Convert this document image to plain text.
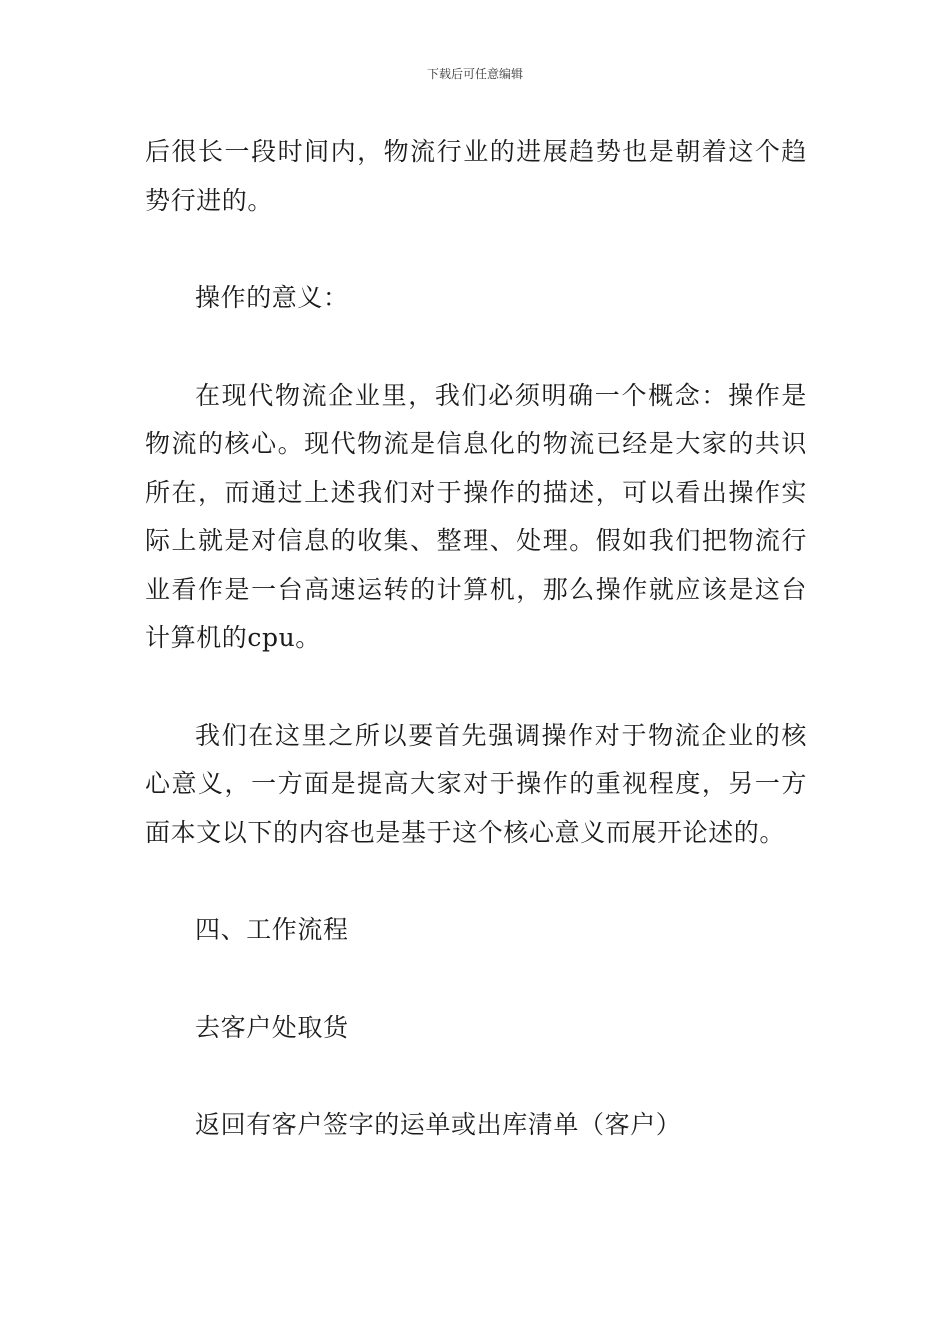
下载后可任意编辑

后很长一段时间内，物流行业的进展趋势也是朝着这个趋势行进的。

操作的意义：

在现代物流企业里，我们必须明确一个概念：操作是物流的核心。现代物流是信息化的物流已经是大家的共识所在，而通过上述我们对于操作的描述，可以看出操作实际上就是对信息的收集、整理、处理。假如我们把物流行业看作是一台高速运转的计算机，那么操作就应该是这台计算机的cpu。

我们在这里之所以要首先强调操作对于物流企业的核心意义，一方面是提高大家对于操作的重视程度，另一方面本文以下的内容也是基于这个核心意义而展开论述的。

四、工作流程

去客户处取货

返回有客户签字的运单或出库清单（客户）
